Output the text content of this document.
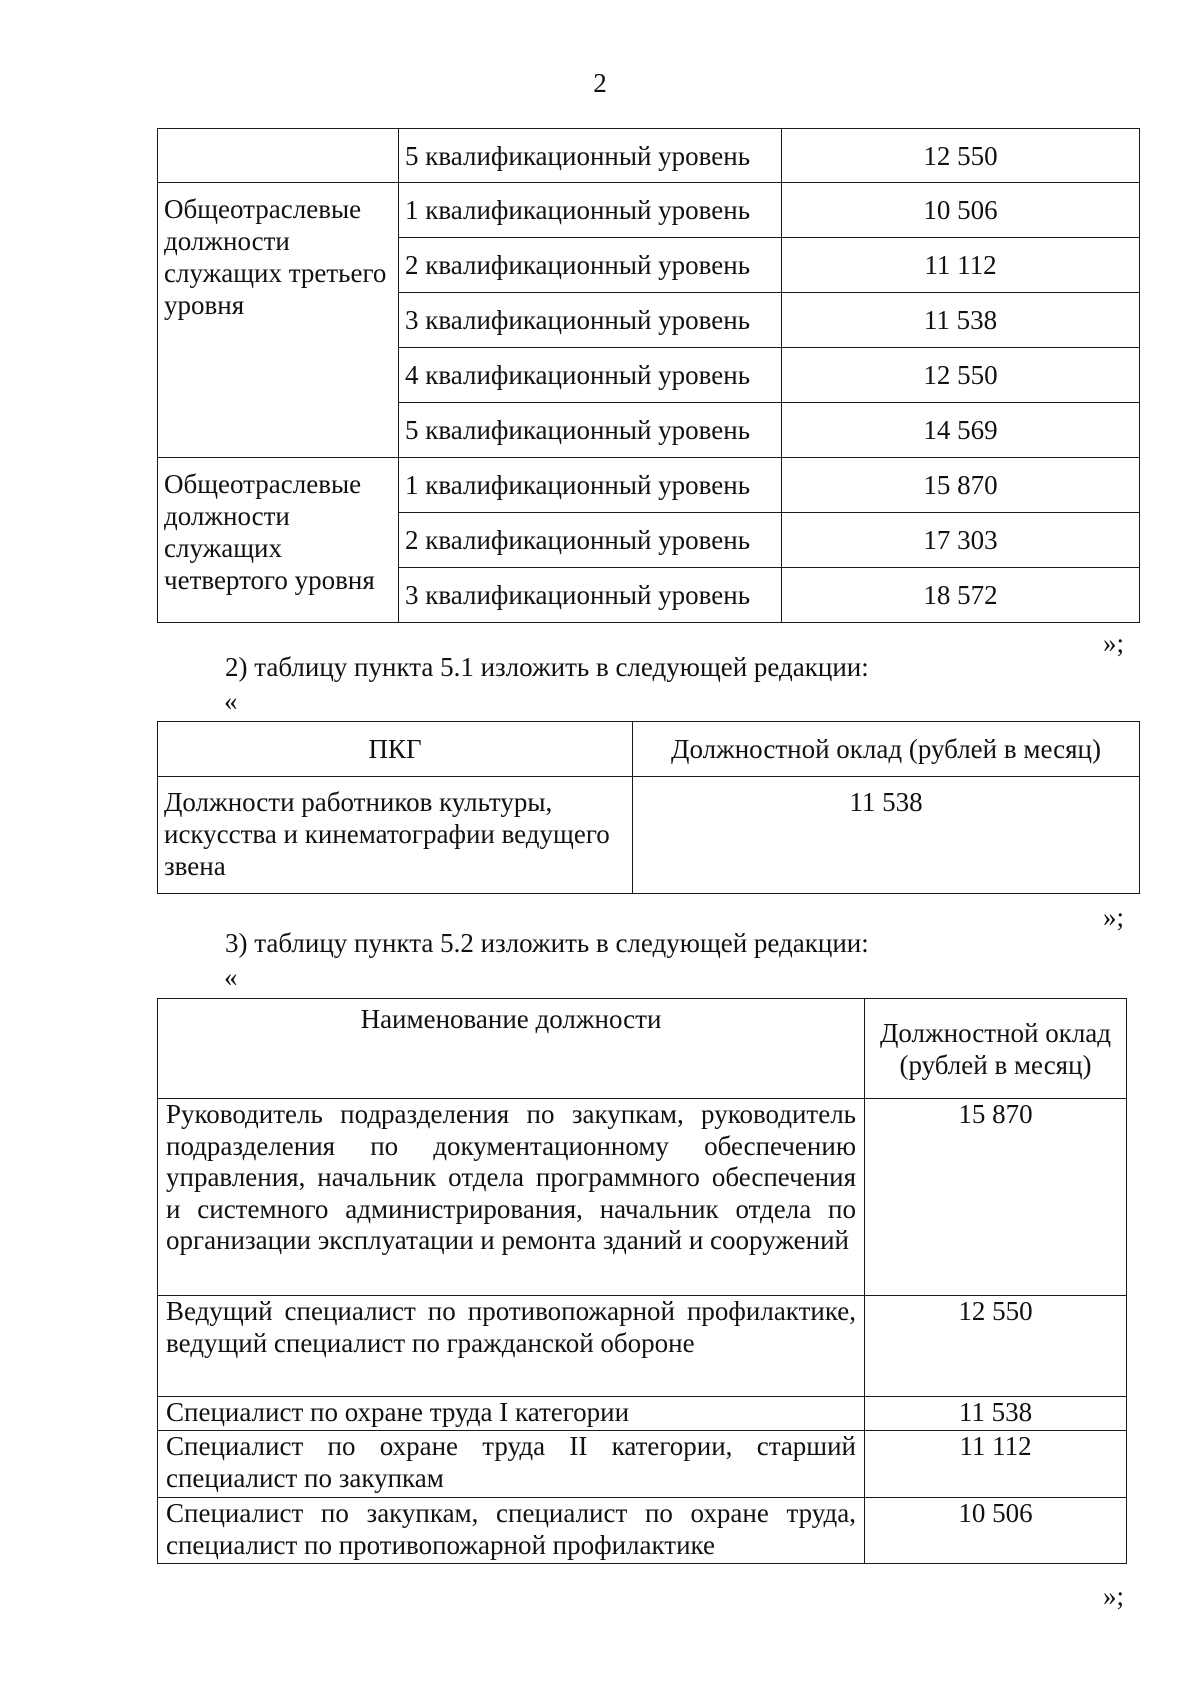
2
	5 квалификационный уровень	12 550
Общеотраслевые должности служащих третьего уровня	1 квалификационный уровень	10 506
	2 квалификационный уровень	11 112
	3 квалификационный уровень	11 538
	4 квалификационный уровень	12 550
	5 квалификационный уровень	14 569
Общеотраслевые должности служащих четвертого уровня	1 квалификационный уровень	15 870
	2 квалификационный уровень	17 303
	3 квалификационный уровень	18 572
»;
2) таблицу пункта 5.1 изложить в следующей редакции:
«
ПКГ	Должностной оклад (рублей в месяц)
Должности работников культуры, искусства и кинематографии ведущего звена	11 538
»;
3) таблицу пункта 5.2 изложить в следующей редакции:
«
Наименование должности	Должностной оклад (рублей в месяц)
Руководитель подразделения по закупкам, руководитель подразделения по документационному обеспечению управления, начальник отдела программного обеспечения и системного администрирования, начальник отдела по организации эксплуатации и ремонта зданий и сооружений	15 870
Ведущий специалист по противопожарной профилактике, ведущий специалист по гражданской обороне	12 550
Специалист по охране труда I категории	11 538
Специалист по охране труда II категории, старший специалист по закупкам	11 112
Специалист по закупкам, специалист по охране труда, специалист по противопожарной профилактике	10 506
»;
